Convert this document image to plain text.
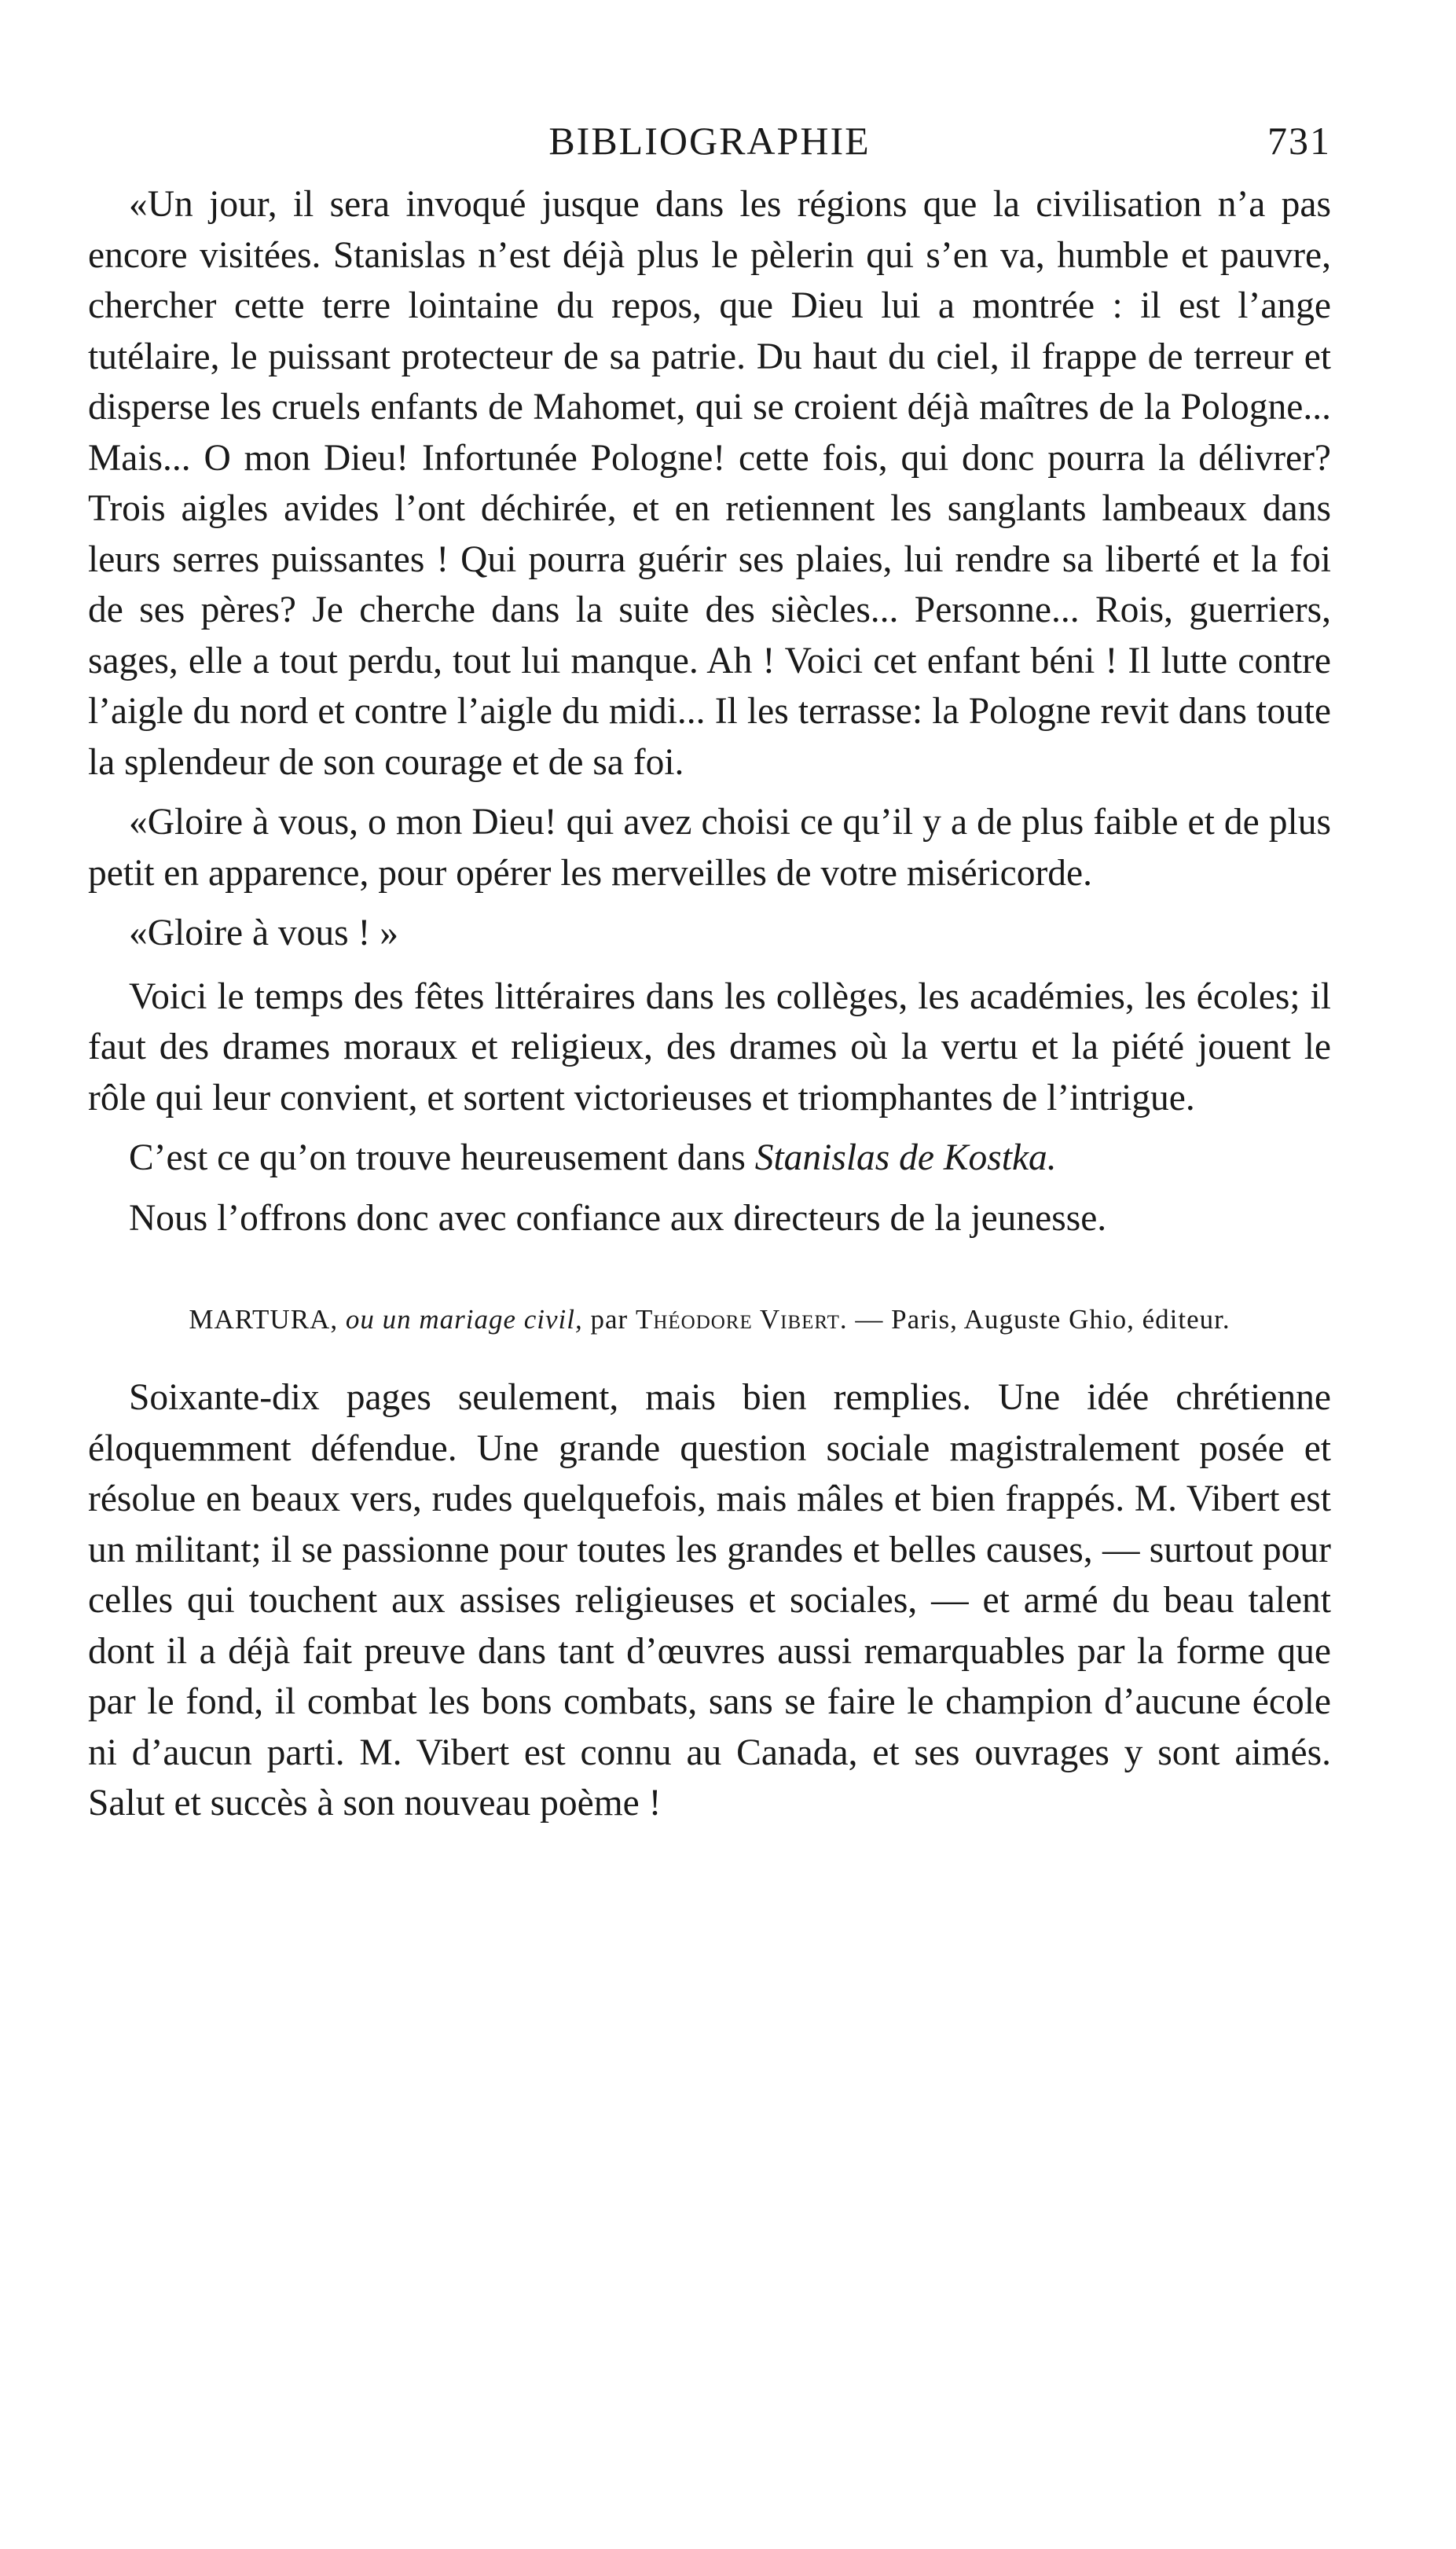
BIBLIOGRAPHIE	731

«Un jour, il sera invoqué jusque dans les régions que la civilisation n’a pas encore visitées. Stanislas n’est déjà plus le pèlerin qui s’en va, humble et pauvre, chercher cette terre lointaine du repos, que Dieu lui a montrée : il est l’ange tutélaire, le puissant protecteur de sa patrie. Du haut du ciel, il frappe de terreur et disperse les cruels enfants de Mahomet, qui se croient déjà maîtres de la Pologne... Mais... O mon Dieu! Infortunée Pologne! cette fois, qui donc pourra la délivrer? Trois aigles avides l’ont déchirée, et en retiennent les sanglants lambeaux dans leurs serres puissantes ! Qui pourra guérir ses plaies, lui rendre sa liberté et la foi de ses pères? Je cherche dans la suite des siècles... Personne... Rois, guerriers, sages, elle a tout perdu, tout lui manque. Ah ! Voici cet enfant béni ! Il lutte contre l’aigle du nord et contre l’aigle du midi... Il les terrasse: la Pologne revit dans toute la splendeur de son courage et de sa foi.

«Gloire à vous, o mon Dieu! qui avez choisi ce qu’il y a de plus faible et de plus petit en apparence, pour opérer les merveilles de votre miséricorde.

«Gloire à vous ! »

Voici le temps des fêtes littéraires dans les collèges, les académies, les écoles; il faut des drames moraux et religieux, des drames où la vertu et la piété jouent le rôle qui leur convient, et sortent victorieuses et triomphantes de l’intrigue.

C’est ce qu’on trouve heureusement dans Stanislas de Kostka.

Nous l’offrons donc avec confiance aux directeurs de la jeunesse.

MARTURA, ou un mariage civil, par Théodore Vibert. — Paris, Auguste Ghio, éditeur.

Soixante-dix pages seulement, mais bien remplies. Une idée chrétienne éloquemment défendue. Une grande question sociale magistralement posée et résolue en beaux vers, rudes quelquefois, mais mâles et bien frappés. M. Vibert est un militant; il se passionne pour toutes les grandes et belles causes, — surtout pour celles qui touchent aux assises religieuses et sociales, — et armé du beau talent dont il a déjà fait preuve dans tant d’œuvres aussi remarquables par la forme que par le fond, il combat les bons combats, sans se faire le champion d’aucune école ni d’aucun parti. M. Vibert est connu au Canada, et ses ouvrages y sont aimés. Salut et succès à son nouveau poème !
